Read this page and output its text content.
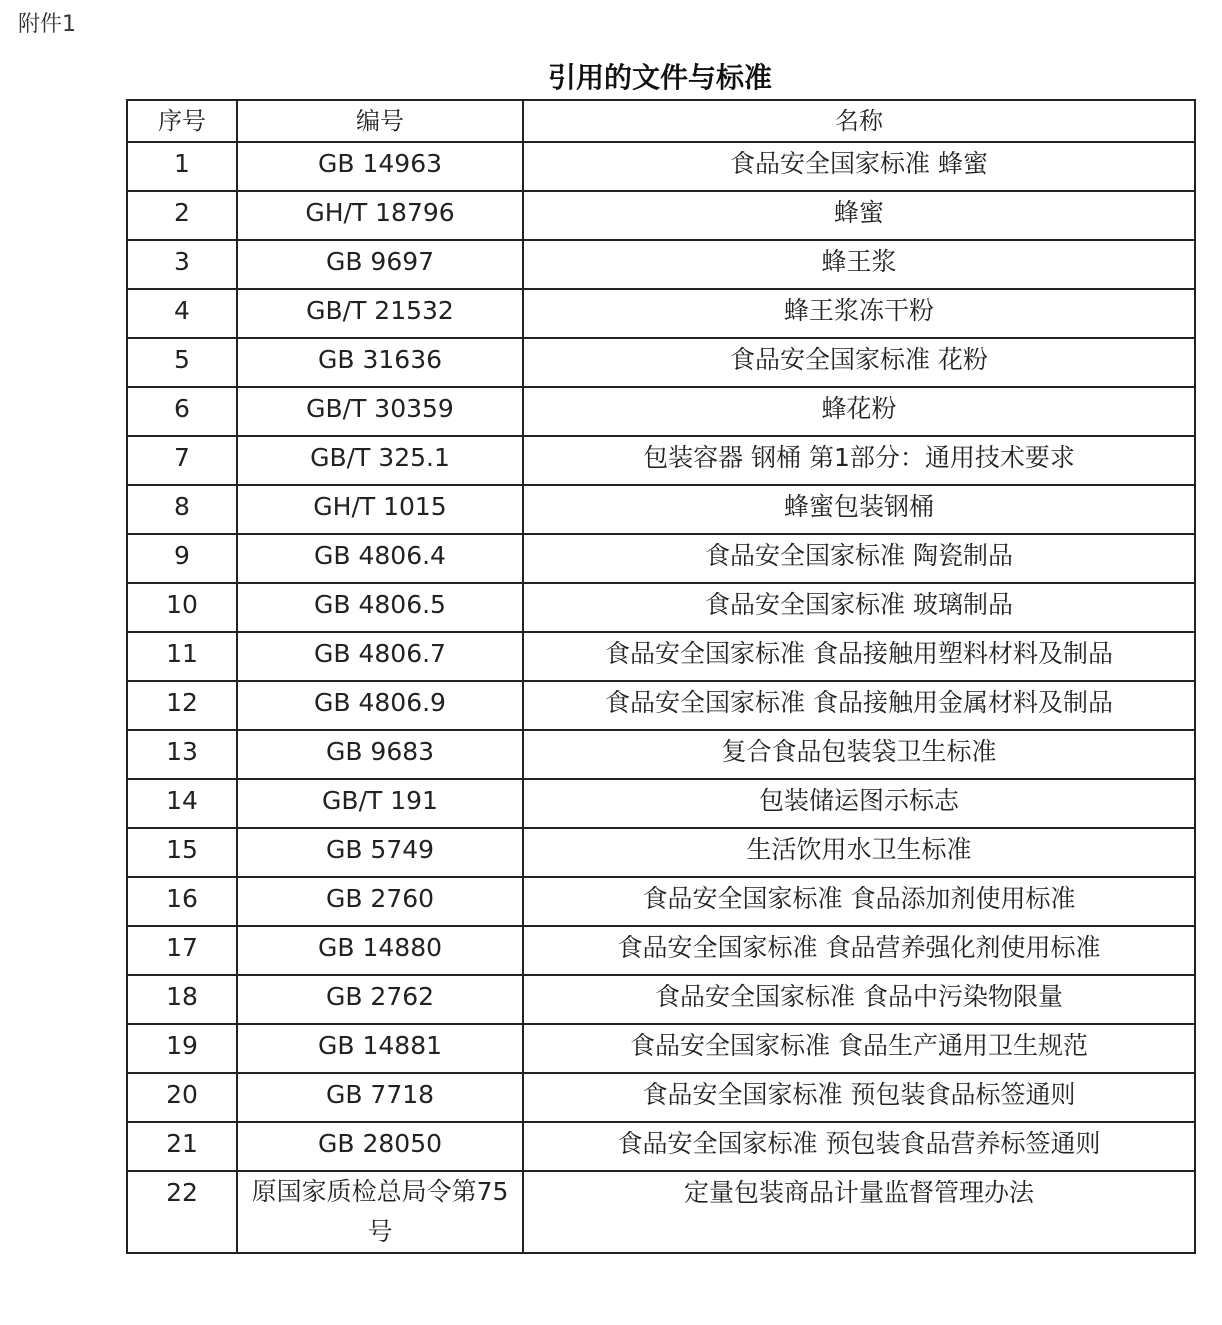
附件1
引用的文件与标准
序号	编号	名称
1	GB 14963	食品安全国家标准 蜂蜜
2	GH/T 18796	蜂蜜
3	GB 9697	蜂王浆
4	GB/T 21532	蜂王浆冻干粉
5	GB 31636	食品安全国家标准 花粉
6	GB/T 30359	蜂花粉
7	GB/T 325.1	包装容器 钢桶 第1部分：通用技术要求
8	GH/T 1015	蜂蜜包装钢桶
9	GB 4806.4	食品安全国家标准 陶瓷制品
10	GB 4806.5	食品安全国家标准 玻璃制品
11	GB 4806.7	食品安全国家标准 食品接触用塑料材料及制品
12	GB 4806.9	食品安全国家标准 食品接触用金属材料及制品
13	GB 9683	复合食品包装袋卫生标准
14	GB/T 191	包装储运图示标志
15	GB 5749	生活饮用水卫生标准
16	GB 2760	食品安全国家标准 食品添加剂使用标准
17	GB 14880	食品安全国家标准 食品营养强化剂使用标准
18	GB 2762	食品安全国家标准 食品中污染物限量
19	GB 14881	食品安全国家标准 食品生产通用卫生规范
20	GB 7718	食品安全国家标准 预包装食品标签通则
21	GB 28050	食品安全国家标准 预包装食品营养标签通则
22	原国家质检总局令第75号	定量包装商品计量监督管理办法
